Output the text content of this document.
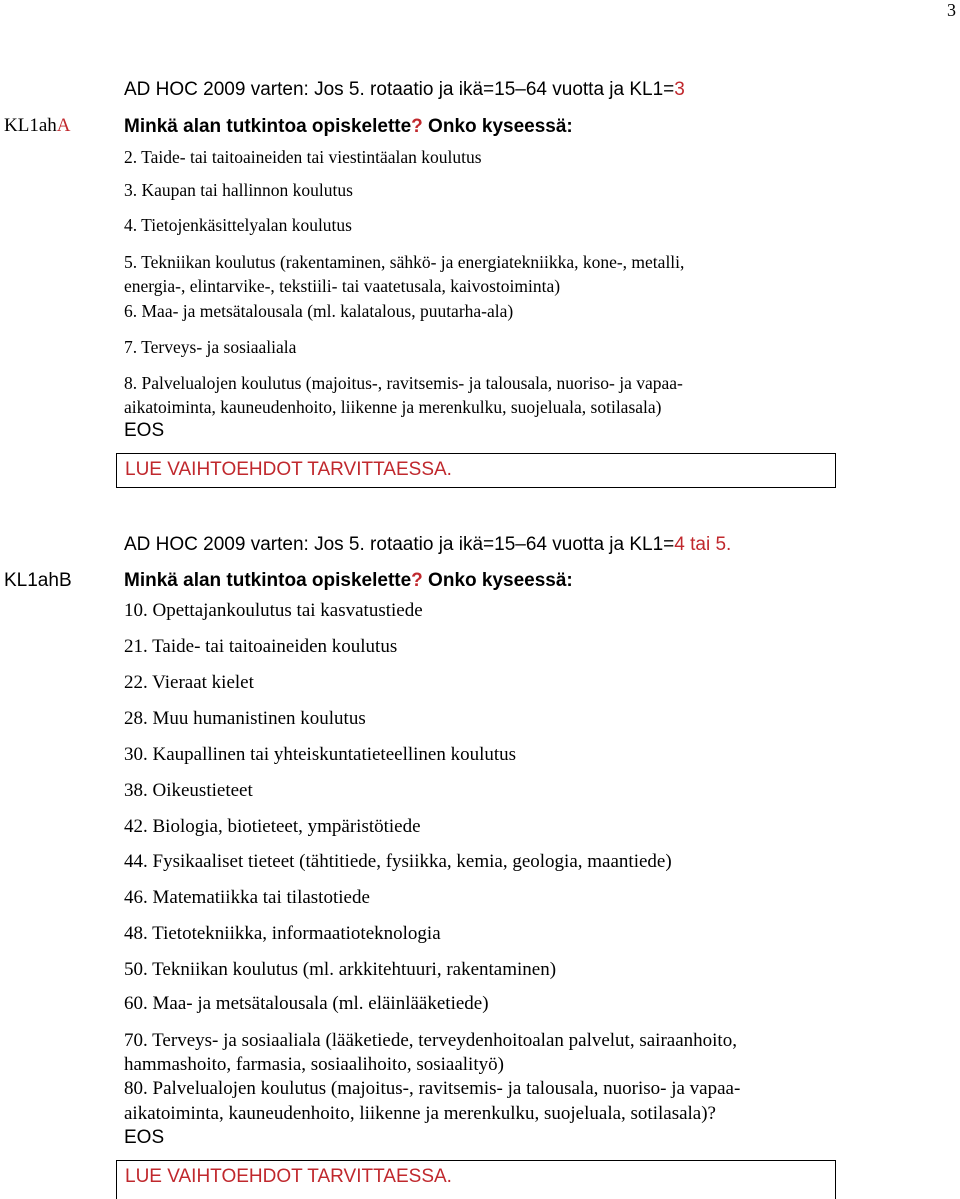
3
KL1ahA
AD HOC 2009 varten: Jos 5. rotaatio ja ikä=15–64 vuotta ja KL1=3
Minkä alan tutkintoa opiskelette? Onko kyseessä:
2. Taide- tai taitoaineiden tai viestintäalan koulutus
3. Kaupan tai hallinnon koulutus
4. Tietojenkäsittelyalan koulutus
5. Tekniikan koulutus (rakentaminen, sähkö- ja energiatekniikka, kone-, metalli,
energia-, elintarvike-, tekstiili- tai vaatetusala, kaivostoiminta)
6. Maa- ja metsätalousala (ml. kalatalous, puutarha-ala)
7. Terveys- ja sosiaaliala
8. Palvelualojen koulutus (majoitus-, ravitsemis- ja talousala, nuoriso- ja vapaa-
aikatoiminta, kauneudenhoito, liikenne ja merenkulku, suojeluala, sotilasala)
EOS
LUE VAIHTOEHDOT TARVITTAESSA.
KL1ahB
AD HOC 2009 varten: Jos 5. rotaatio ja ikä=15–64 vuotta ja KL1=4 tai 5.
Minkä alan tutkintoa opiskelette? Onko kyseessä:
10. Opettajankoulutus tai kasvatustiede
21. Taide- tai taitoaineiden koulutus
22. Vieraat kielet
28. Muu humanistinen koulutus
30. Kaupallinen tai yhteiskuntatieteellinen koulutus
38. Oikeustieteet
42. Biologia, biotieteet, ympäristötiede
44. Fysikaaliset tieteet (tähtitiede, fysiikka, kemia, geologia, maantiede)
46. Matematiikka tai tilastotiede
48. Tietotekniikka, informaatioteknologia
50. Tekniikan koulutus (ml. arkkitehtuuri, rakentaminen)
60. Maa- ja metsätalousala (ml. eläinlääketiede)
70. Terveys- ja sosiaaliala (lääketiede, terveydenhoitoalan palvelut, sairaanhoito,
hammashoito, farmasia, sosiaalihoito, sosiaalityö)
80. Palvelualojen koulutus (majoitus-, ravitsemis- ja talousala, nuoriso- ja vapaa-
aikatoiminta, kauneudenhoito, liikenne ja merenkulku, suojeluala, sotilasala)?
EOS
LUE VAIHTOEHDOT TARVITTAESSA.
